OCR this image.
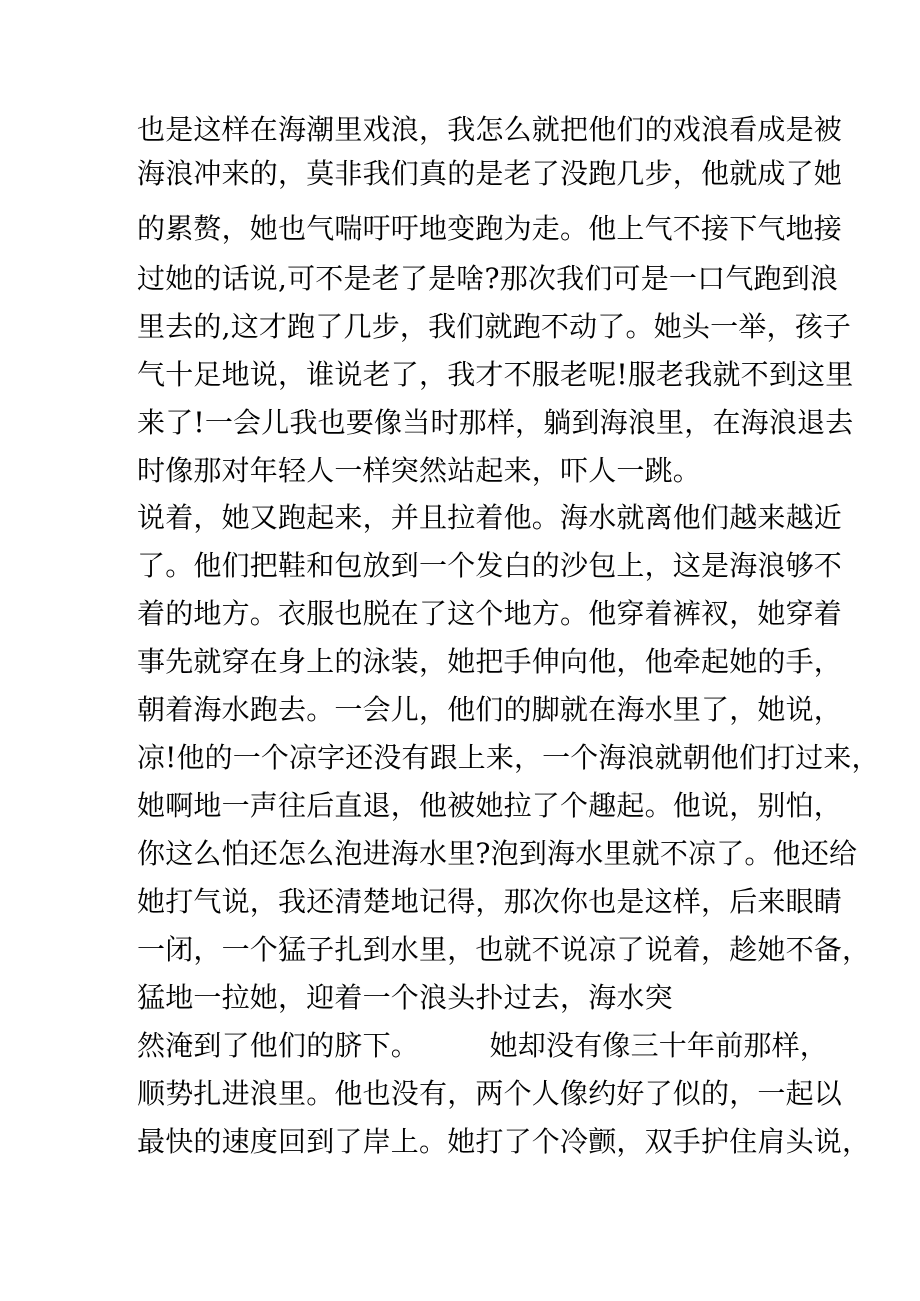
也是这样在海潮里戏浪，我怎么就把他们的戏浪看成是被
海浪冲来的，莫非我们真的是老了没跑几步，他就成了她
的累赘，她也气喘吁吁地变跑为走。他上气不接下气地接
过她的话说,可不是老了是啥?那次我们可是一口气跑到浪
里去的,这才跑了几步，我们就跑不动了。她头一举，孩子
气十足地说，谁说老了，我才不服老呢!服老我就不到这里
来了!一会儿我也要像当时那样，躺到海浪里，在海浪退去
时像那对年轻人一样突然站起来，吓人一跳。
说着，她又跑起来，并且拉着他。海水就离他们越来越近
了。他们把鞋和包放到一个发白的沙包上，这是海浪够不
着的地方。衣服也脱在了这个地方。他穿着裤衩，她穿着
事先就穿在身上的泳装，她把手伸向他，他牵起她的手，
朝着海水跑去。一会儿，他们的脚就在海水里了，她说，
凉!他的一个凉字还没有跟上来，一个海浪就朝他们打过来，
她啊地一声往后直退，他被她拉了个趣起。他说，别怕，
你这么怕还怎么泡进海水里?泡到海水里就不凉了。他还给
她打气说，我还清楚地记得，那次你也是这样，后来眼睛
一闭，一个猛子扎到水里，也就不说凉了说着，趁她不备，
猛地一拉她，迎着一个浪头扑过去，海水突
然淹到了他们的脐下。　　　她却没有像三十年前那样，
顺势扎进浪里。他也没有，两个人像约好了似的，一起以
最快的速度回到了岸上。她打了个冷颤，双手护住肩头说，
